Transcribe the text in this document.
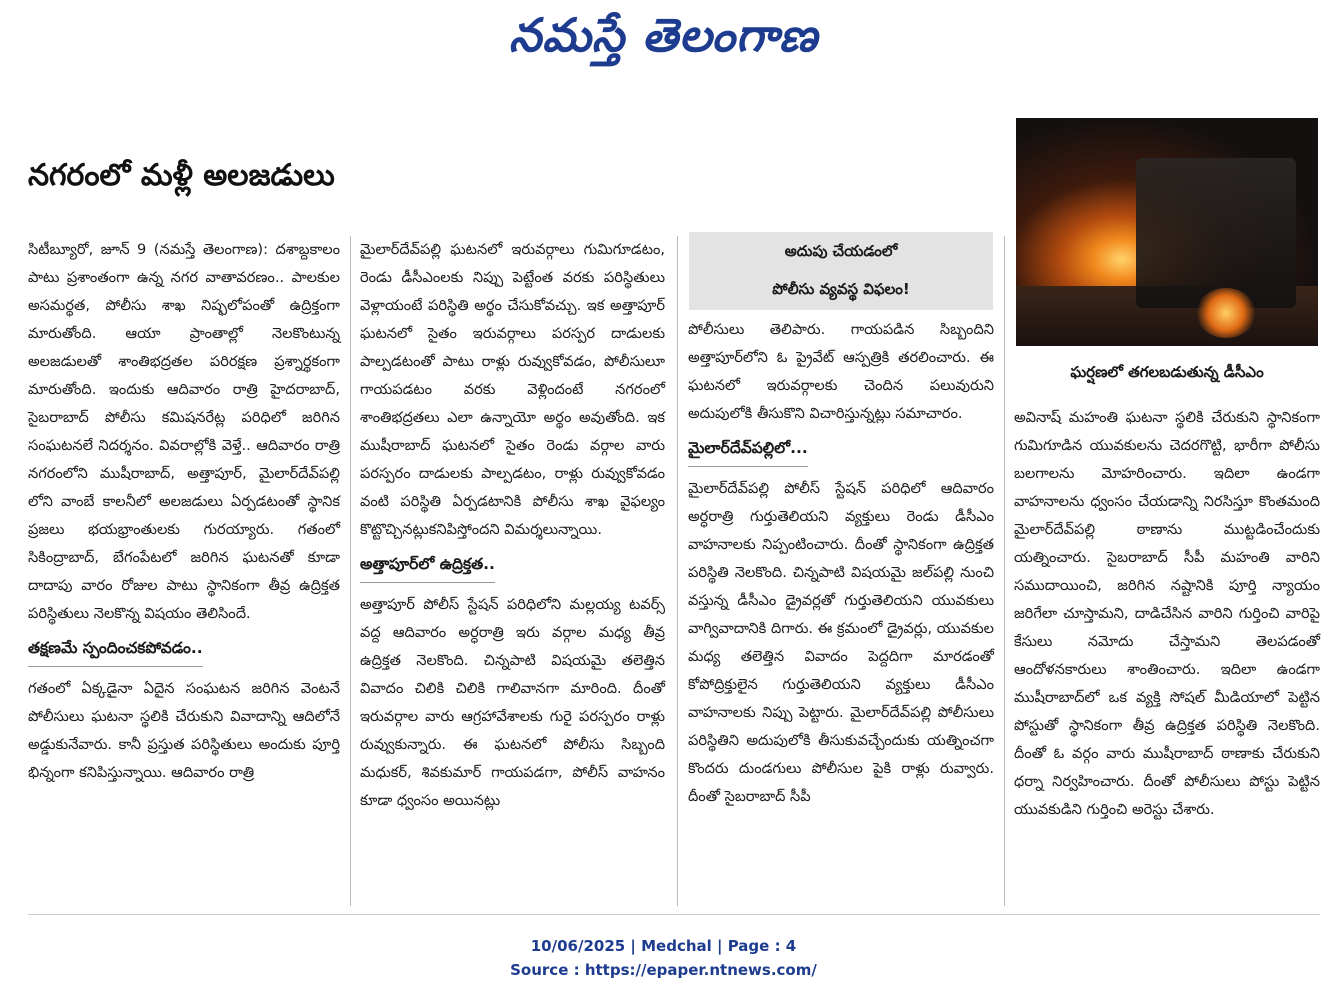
నమస్తే తెలంగాణ
నగరంలో మళ్లీ అలజడులు
ఘర్షణలో తగలబడుతున్న డీసీఎం

సిటీబ్యూరో, జూన్ 9 (నమస్తే తెలంగాణ): దశాబ్దకాలం పాటు ప్రశాంతంగా ఉన్న నగర వాతావరణం.. పాలకుల అసమర్థత, పోలీసు శాఖ నిష్ఫలోపంతో ఉద్రిక్తంగా మారుతోంది. ఆయా ప్రాంతాల్లో నెలకొంటున్న అలజడులతో శాంతిభద్రతల పరిరక్షణ ప్రశ్నార్థకంగా మారుతోంది. ఇందుకు ఆదివారం రాత్రి హైదరాబాద్, సైబరాబాద్ పోలీసు కమిషనరేట్ల పరిధిలో జరిగిన సంఘటనలే నిదర్శనం. వివరాల్లోకి వెళ్తే.. ఆదివారం రాత్రి నగరంలోని ముషీరాబాద్, అత్తాపూర్, మైలార్‌దేవ్‌పల్లి లోని వాంబే కాలనీలో అలజడులు ఏర్పడటంతో స్థానిక ప్రజలు భయభ్రాంతులకు గురయ్యారు. గతంలో సికింద్రాబాద్, బేగంపేటలో జరిగిన ఘటనతో కూడా దాదాపు వారం రోజుల పాటు స్థానికంగా తీవ్ర ఉద్రిక్తత పరిస్థితులు నెలకొన్న విషయం తెలిసిందే.

తక్షణమే స్పందించకపోవడం..

గతంలో ఏక్కడైనా ఏదైన సంఘటన జరిగిన వెంటనే పోలీసులు ఘటనా స్థలికి చేరుకుని వివాదాన్ని ఆదిలోనే అడ్డుకునేవారు. కానీ ప్రస్తుత పరిస్థితులు అందుకు పూర్తి భిన్నంగా కనిపిస్తున్నాయి. ఆదివారం రాత్రి

మైలార్‌దేవ్‌పల్లి ఘటనలో ఇరువర్గాలు గుమిగూడటం, రెండు డీసీఎంలకు నిప్పు పెట్టేంత వరకు పరిస్థితులు వెళ్లాయంటే పరిస్థితి అర్థం చేసుకోవచ్చు. ఇక అత్తాపూర్ ఘటనలో సైతం ఇరువర్గాలు పరస్పర దాడులకు పాల్పడటంతో పాటు రాళ్లు రువ్వుకోవడం, పోలీసులూ గాయపడటం వరకు వెళ్లిందంటే నగరంలో శాంతిభద్రతలు ఎలా ఉన్నాయో అర్థం అవుతోంది. ఇక ముషీరాబాద్ ఘటనలో సైతం రెండు వర్గాల వారు పరస్పరం దాడులకు పాల్పడటం, రాళ్లు రువ్వుకోవడం వంటి పరిస్థితి ఏర్పడటానికి పోలీసు శాఖ వైఫల్యం కొట్టొచ్చినట్లుకనిపిస్తోందని విమర్శలున్నాయి.

అత్తాపూర్‌లో ఉద్రిక్తత..

అత్తాపూర్ పోలీస్ స్టేషన్ పరిధిలోని మల్లయ్య టవర్స్ వద్ద ఆదివారం అర్ధరాత్రి ఇరు వర్గాల మధ్య తీవ్ర ఉద్రిక్తత నెలకొంది. చిన్నపాటి విషయమై తలెత్తిన వివాదం చిలికి చిలికి గాలివానగా మారింది. దీంతో ఇరువర్గాల వారు ఆగ్రహావేశాలకు గురై పరస్పరం రాళ్లు రువ్వుకున్నారు. ఈ ఘటనలో పోలీసు సిబ్బంది మధుకర్, శివకుమార్ గాయపడగా, పోలీస్ వాహనం కూడా ధ్వంసం అయినట్లు

అదుపు చేయడంలో
పోలీసు వ్యవస్థ విఫలం!

పోలీసులు తెలిపారు. గాయపడిన సిబ్బందిని అత్తాపూర్‌లోని ఓ ప్రైవేట్ ఆస్పత్రికి తరలించారు. ఈ ఘటనలో ఇరువర్గాలకు చెందిన పలువురుని అదుపులోకి తీసుకొని విచారిస్తున్నట్లు సమాచారం.

మైలార్‌దేవ్‌పల్లిలో...

మైలార్‌దేవ్‌పల్లి పోలీస్ స్టేషన్ పరిధిలో ఆదివారం అర్ధరాత్రి గుర్తుతెలియని వ్యక్తులు రెండు డీసీఎం వాహనాలకు నిప్పంటించారు. దీంతో స్థానికంగా ఉద్రిక్తత పరిస్థితి నెలకొంది. చిన్నపాటి విషయమై జల్‌పల్లి నుంచి వస్తున్న డీసీఎం డ్రైవర్లతో గుర్తుతెలియని యువకులు వాగ్వివాదానికి దిగారు. ఈ క్రమంలో డ్రైవర్లు, యువకుల మధ్య తలెత్తిన వివాదం పెద్దదిగా మారడంతో కోపోద్రిక్తులైన గుర్తుతెలియని వ్యక్తులు డీసీఎం వాహనాలకు నిప్పు పెట్టారు. మైలార్‌దేవ్‌పల్లి పోలీసులు పరిస్థితిని అదుపులోకి తీసుకువచ్చేందుకు యత్నించగా కొందరు దుండగులు పోలీసుల పైకి రాళ్లు రువ్వారు. దీంతో సైబరాబాద్ సీపీ

అవినాష్ మహంతి ఘటనా స్థలికి చేరుకుని స్థానికంగా గుమిగూడిన యువకులను చెదరగొట్టి, భారీగా పోలీసు బలగాలను మోహరించారు. ఇదిలా ఉండగా వాహనాలను ధ్వంసం చేయడాన్ని నిరసిస్తూ కొంతమంది మైలార్‌దేవ్‌పల్లి ఠాణాను ముట్టడించేందుకు యత్నించారు. సైబరాబాద్ సీపీ మహంతి వారిని సముదాయించి, జరిగిన నష్టానికి పూర్తి న్యాయం జరిగేలా చూస్తామని, దాడిచేసిన వారిని గుర్తించి వారిపై కేసులు నమోదు చేస్తామని తెలపడంతో ఆందోళనకారులు శాంతించారు. ఇదిలా ఉండగా ముషీరాబాద్‌లో ఒక వ్యక్తి సోషల్ మీడియాలో పెట్టిన పోస్టుతో స్థానికంగా తీవ్ర ఉద్రిక్తత పరిస్థితి నెలకొంది. దీంతో ఓ వర్గం వారు ముషీరాబాద్ ఠాణాకు చేరుకుని ధర్నా నిర్వహించారు. దీంతో పోలీసులు పోస్టు పెట్టిన యువకుడిని గుర్తించి అరెస్టు చేశారు.

10/06/2025 | Medchal | Page : 4
Source : https://epaper.ntnews.com/
